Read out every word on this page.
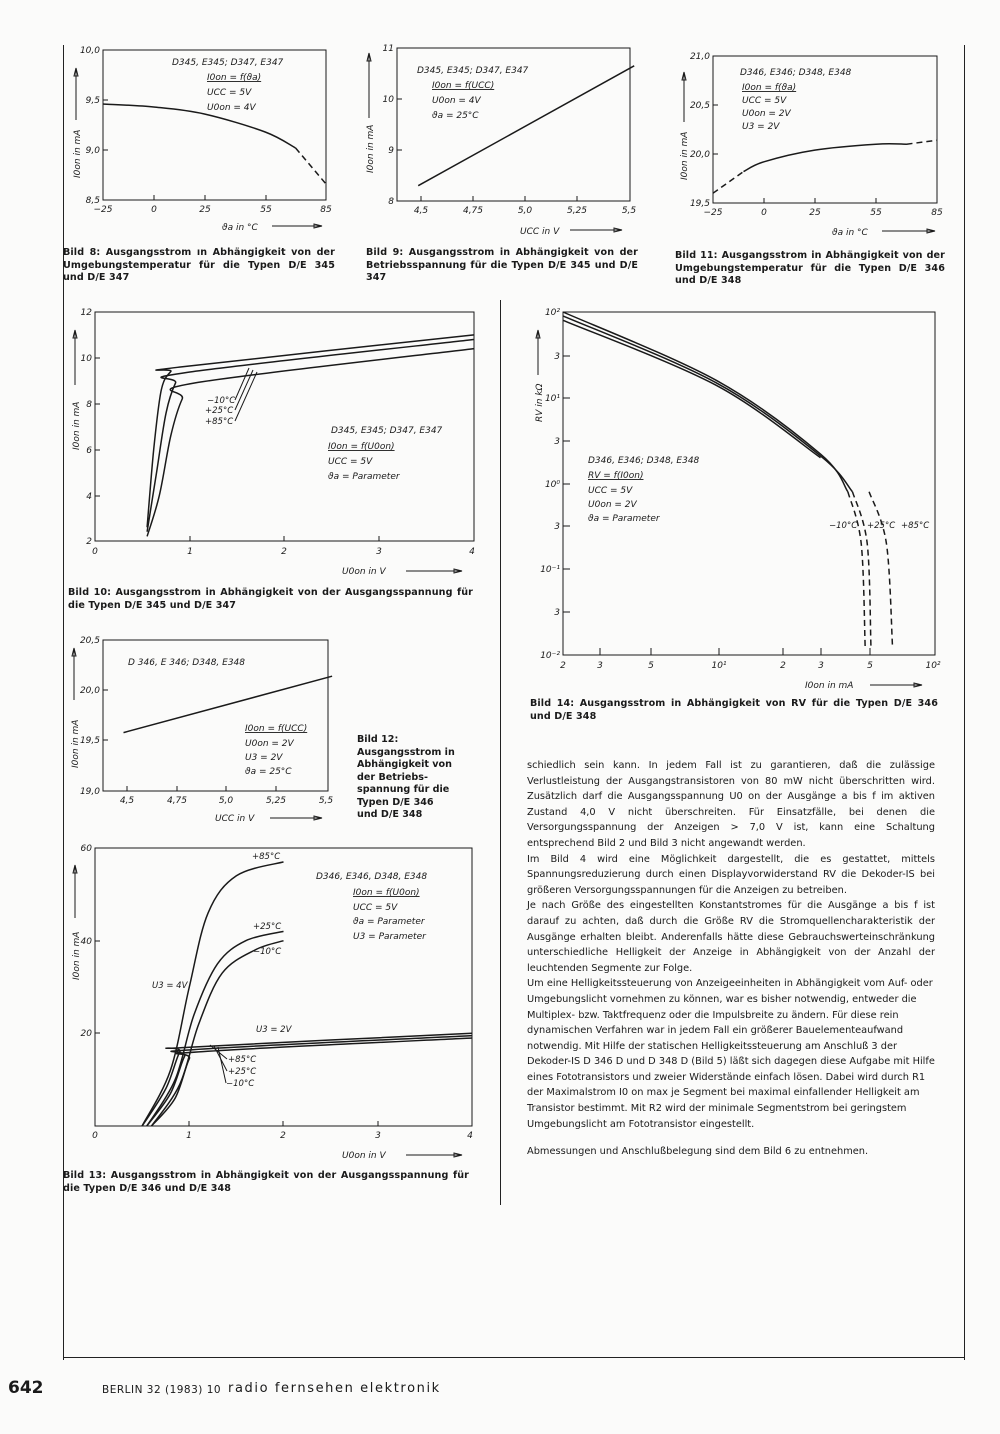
10,0
9,5
9,0
8,5
−25	0	25	55	85
ϑa in °C
I0on in mA
D345, E345; D347, E347
I0on = f(ϑa)
UCC = 5V
U0on = 4V
Bild 8: Ausgangsstrom ın Abhängigkeit von der Umgebungstemperatur für die Typen D/E 345 und D/E 347
11
10
9
8
4,5	4,75	5,0	5,25	5,5
UCC in V
I0on in mA
D345, E345; D347, E347
I0on = f(UCC)
U0on = 4V
ϑa = 25°C
Bild 9: Ausgangsstrom in Abhängigkeit von der Betriebsspannung für die Typen D/E 345 und D/E 347
21,0
20,5
20,0
19,5
−25	0	25	55	85
ϑa in °C
I0on in mA
D346, E346; D348, E348
I0on = f(ϑa)
UCC = 5V
U0on = 2V
U3 = 2V
Bild 11: Ausgangsstrom in Abhängigkeit von der Umgebungstemperatur für die Typen D/E 346 und D/E 348
12
10
8
6
4
2
0	1	2	3	4
U0on in V
I0on in mA
−10°C
+25°C
+85°C
D345, E345; D347, E347
I0on = f(U0on)
UCC = 5V
ϑa = Parameter
Bild 10: Ausgangsstrom in Abhängigkeit von der Ausgangsspannung für die Typen D/E 345 und D/E 347
10²
3
10¹
3
10⁰
3
10⁻¹
3
10⁻²
2	3	5	10¹	2	3	5	10²
I0on in mA
RV in kΩ
D346, E346; D348, E348
RV = f(I0on)
UCC = 5V
U0on = 2V
ϑa = Parameter
−10°C +25°C +85°C
Bild 14: Ausgangsstrom in Abhängigkeit von RV für die Typen D/E 346 und D/E 348
20,5
20,0
19,5
19,0
4,5	4,75	5,0	5,25	5,5
UCC in V
I0on in mA
D 346, E 346; D348, E348
I0on = f(UCC)
U0on = 2V
U3 = 2V
ϑa = 25°C
Bild 12:
Ausgangsstrom in
Abhängigkeit von
der Betriebs-
spannung für die
Typen D/E 346
und D/E 348
60
40
20
0	1	2	3	4
U0on in V
I0on in mA
D346, E346, D348, E348
I0on = f(U0on)
UCC = 5V
ϑa = Parameter
U3 = Parameter
+85°C
+25°C
−10°C
U3 = 4V
U3 = 2V
+85°C
+25°C
−10°C
Bild 13: Ausgangsstrom in Abhängigkeit von der Ausgangsspannung für die Typen D/E 346 und D/E 348

schiedlich sein kann. In jedem Fall ist zu garantieren, daß die zulässige Verlustleistung der Ausgangstransistoren von 80 mW nicht überschritten wird. Zusätzlich darf die Ausgangsspannung U0 on der Ausgänge a bis f im aktiven Zustand 4,0 V nicht überschreiten. Für Einsatzfälle, bei denen die Versorgungsspannung der Anzeigen > 7,0 V ist, kann eine Schaltung entsprechend Bild 2 und Bild 3 nicht angewandt werden.

Im Bild 4 wird eine Möglichkeit dargestellt, die es gestattet, mittels Spannungsreduzierung durch einen Displayvorwiderstand RV die Dekoder-IS bei größeren Versorgungsspannungen für die Anzeigen zu betreiben.

Je nach Größe des eingestellten Konstantstromes für die Ausgänge a bis f ist darauf zu achten, daß durch die Größe RV die Stromquellencharakteristik der Ausgänge erhalten bleibt. Anderenfalls hätte diese Gebrauchswerteinschränkung unterschiedliche Helligkeit der Anzeige in Abhängigkeit von der Anzahl der leuchtenden Segmente zur Folge.

Um eine Helligkeitssteuerung von Anzeigeeinheiten in Abhängigkeit vom Auf- oder Umgebungslicht vornehmen zu können, war es bisher notwendig, entweder die Multiplex- bzw. Taktfrequenz oder die Impulsbreite zu ändern. Für diese rein dynamischen Verfahren war in jedem Fall ein größerer Bauelementeaufwand notwendig. Mit Hilfe der statischen Helligkeitssteuerung am Anschluß 3 der Dekoder-IS D 346 D und D 348 D (Bild 5) läßt sich dagegen diese Aufgabe mit Hilfe eines Fototransistors und zweier Widerstände einfach lösen. Dabei wird durch R1 der Maximalstrom I0 on max je Segment bei maximal einfallender Helligkeit am Transistor bestimmt. Mit R2 wird der minimale Segmentstrom bei geringstem Umgebungslicht am Fototransistor eingestellt.

Abmessungen und Anschlußbelegung sind dem Bild 6 zu entnehmen.

642	BERLIN 32 (1983) 10 radio fernsehen elektronik
